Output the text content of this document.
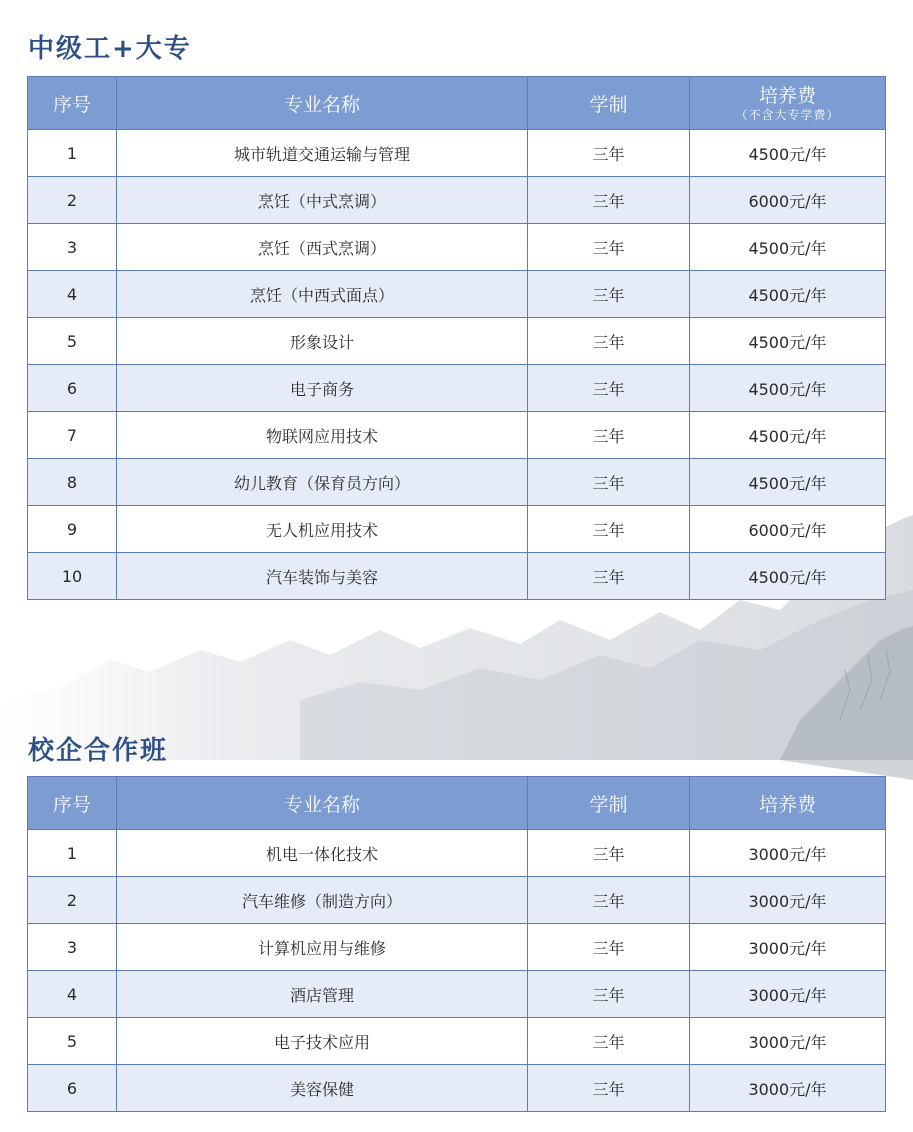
中级工+大专
序号	专业名称	学制	培养费
（不含大专学费）

1	城市轨道交通运输与管理	三年	4500元/年
2	烹饪（中式烹调）	三年	6000元/年
3	烹饪（西式烹调）	三年	4500元/年
4	烹饪（中西式面点）	三年	4500元/年
5	形象设计	三年	4500元/年
6	电子商务	三年	4500元/年
7	物联网应用技术	三年	4500元/年
8	幼儿教育（保育员方向）	三年	4500元/年
9	无人机应用技术	三年	6000元/年
10	汽车装饰与美容	三年	4500元/年
校企合作班
序号	专业名称	学制	培养费
1	机电一体化技术	三年	3000元/年
2	汽车维修（制造方向）	三年	3000元/年
3	计算机应用与维修	三年	3000元/年
4	酒店管理	三年	3000元/年
5	电子技术应用	三年	3000元/年
6	美容保健	三年	3000元/年
